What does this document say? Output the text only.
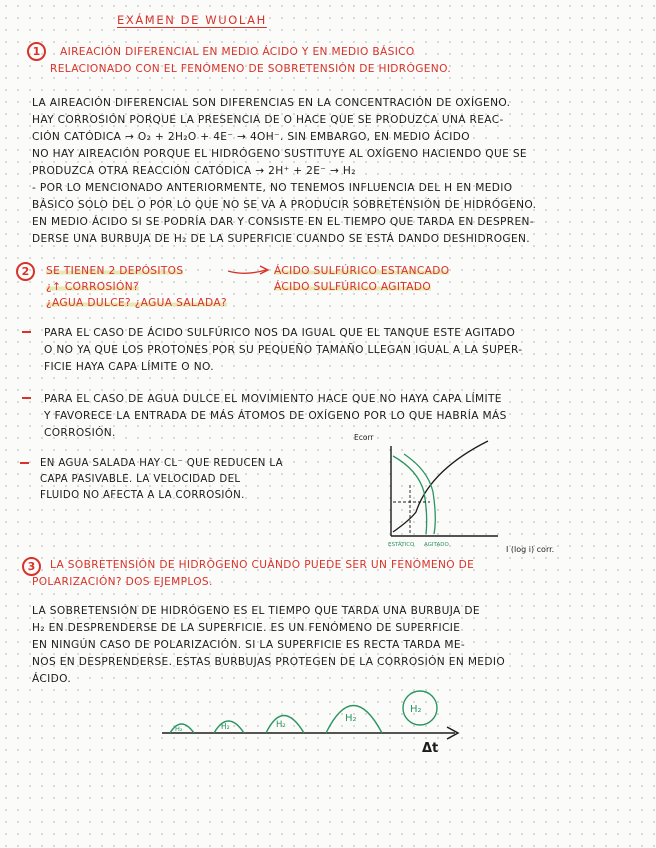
EXÁMEN DE WUOLAH
1	AIREACIÓN DIFERENCIAL EN MEDIO ÁCIDO Y EN MEDIO BÁSICO
RELACIONADO CON EL FENÓMENO DE SOBRETENSIÓN DE HIDRÓGENO.
LA AIREACIÓN DIFERENCIAL SON DIFERENCIAS EN LA CONCENTRACIÓN DE OXÍGENO.
HAY CORROSIÓN PORQUE LA PRESENCIA DE O HACE QUE SE PRODUZCA UNA REAC-
CIÓN CATÓDICA → O₂ + 2H₂O + 4E⁻ → 4OH⁻. SIN EMBARGO, EN MEDIO ÁCIDO
NO HAY AIREACIÓN PORQUE EL HIDRÓGENO SUSTITUYE AL OXÍGENO HACIENDO QUE SE
PRODUZCA OTRA REACCIÓN CATÓDICA → 2H⁺ + 2E⁻ → H₂
- POR LO MENCIONADO ANTERIORMENTE, NO TENEMOS INFLUENCIA DEL H EN MEDIO
BÁSICO SOLO DEL O POR LO QUE NO SE VA A PRODUCIR SOBRETENSIÓN DE HIDRÓGENO.
EN MEDIO ÁCIDO SI SE PODRÍA DAR Y CONSISTE EN EL TIEMPO QUE TARDA EN DESPREN-
DERSE UNA BURBUJA DE H₂ DE LA SUPERFICIE CUANDO SE ESTÁ DANDO DESHIDROGEN.
2	SE TIENEN 2 DEPÓSITOS
¿↑ CORROSIÓN?
¿AGUA DULCE? ¿AGUA SALADA?
ÁCIDO SULFÚRICO ESTANCADO
ÁCIDO SULFÚRICO AGITADO
PARA EL CASO DE ÁCIDO SULFÚRICO NOS DA IGUAL QUE EL TANQUE ESTE AGITADO
O NO YA QUE LOS PROTONES POR SU PEQUEÑO TAMAÑO LLEGAN IGUAL A LA SUPER-
FICIE HAYA CAPA LÍMITE O NO.
PARA EL CASO DE AGUA DULCE EL MOVIMIENTO HACE QUE NO HAYA CAPA LÍMITE
Y FAVORECE LA ENTRADA DE MÁS ÁTOMOS DE OXÍGENO POR LO QUE HABRÍA MÁS
CORROSIÓN.
EN AGUA SALADA HAY CL⁻ QUE REDUCEN LA
CAPA PASIVABLE. LA VELOCIDAD DEL
FLUIDO NO AFECTA A LA CORROSIÓN.
3	LA SOBRETENSIÓN DE HIDRÓGENO CUÁNDO PUEDE SER UN FENÓMENO DE
POLARIZACIÓN? DOS EJEMPLOS.
LA SOBRETENSIÓN DE HIDRÓGENO ES EL TIEMPO QUE TARDA UNA BURBUJA DE
H₂ EN DESPRENDERSE DE LA SUPERFICIE. ES UN FENÓMENO DE SUPERFICIE
EN NINGÚN CASO DE POLARIZACIÓN. SI LA SUPERFICIE ES RECTA TARDA ME-
NOS EN DESPRENDERSE. ESTAS BURBUJAS PROTEGEN DE LA CORROSIÓN EN MEDIO
ÁCIDO.
Ecorr
ESTÁTICO AGITADO	I (log i) corr.
H₂	H₂	H₂
H₂
H₂
Δt
